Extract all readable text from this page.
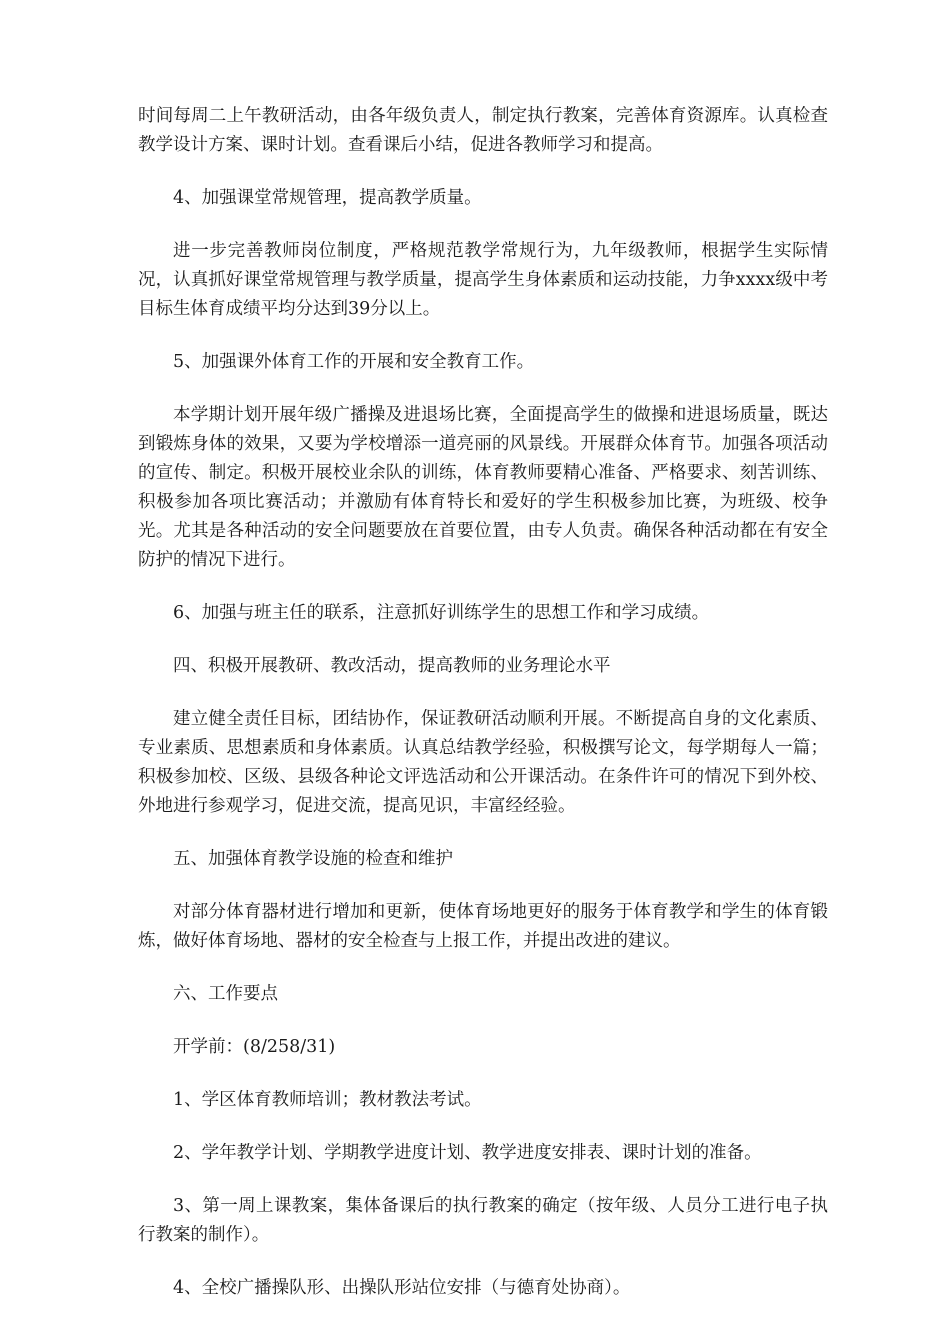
时间每周二上午教研活动，由各年级负责人，制定执行教案，完善体育资源库。认真检查教学设计方案、课时计划。查看课后小结，促进各教师学习和提高。

4、加强课堂常规管理，提高教学质量。

进一步完善教师岗位制度，严格规范教学常规行为，九年级教师，根据学生实际情况，认真抓好课堂常规管理与教学质量，提高学生身体素质和运动技能，力争xxxx级中考目标生体育成绩平均分达到39分以上。

5、加强课外体育工作的开展和安全教育工作。

本学期计划开展年级广播操及进退场比赛，全面提高学生的做操和进退场质量，既达到锻炼身体的效果，又要为学校增添一道亮丽的风景线。开展群众体育节。加强各项活动的宣传、制定。积极开展校业余队的训练，体育教师要精心准备、严格要求、刻苦训练、积极参加各项比赛活动；并激励有体育特长和爱好的学生积极参加比赛，为班级、校争光。尤其是各种活动的安全问题要放在首要位置，由专人负责。确保各种活动都在有安全防护的情况下进行。

6、加强与班主任的联系，注意抓好训练学生的思想工作和学习成绩。

四、积极开展教研、教改活动，提高教师的业务理论水平

建立健全责任目标，团结协作，保证教研活动顺利开展。不断提高自身的文化素质、专业素质、思想素质和身体素质。认真总结教学经验，积极撰写论文，每学期每人一篇；积极参加校、区级、县级各种论文评选活动和公开课活动。在条件许可的情况下到外校、外地进行参观学习，促进交流，提高见识，丰富经经验。

五、加强体育教学设施的检查和维护

对部分体育器材进行增加和更新，使体育场地更好的服务于体育教学和学生的体育锻炼，做好体育场地、器材的安全检查与上报工作，并提出改进的建议。

六、工作要点

开学前：(8/258/31)

1、学区体育教师培训；教材教法考试。

2、学年教学计划、学期教学进度计划、教学进度安排表、课时计划的准备。

3、第一周上课教案，集体备课后的执行教案的确定（按年级、人员分工进行电子执行教案的制作）。

4、全校广播操队形、出操队形站位安排（与德育处协商）。
